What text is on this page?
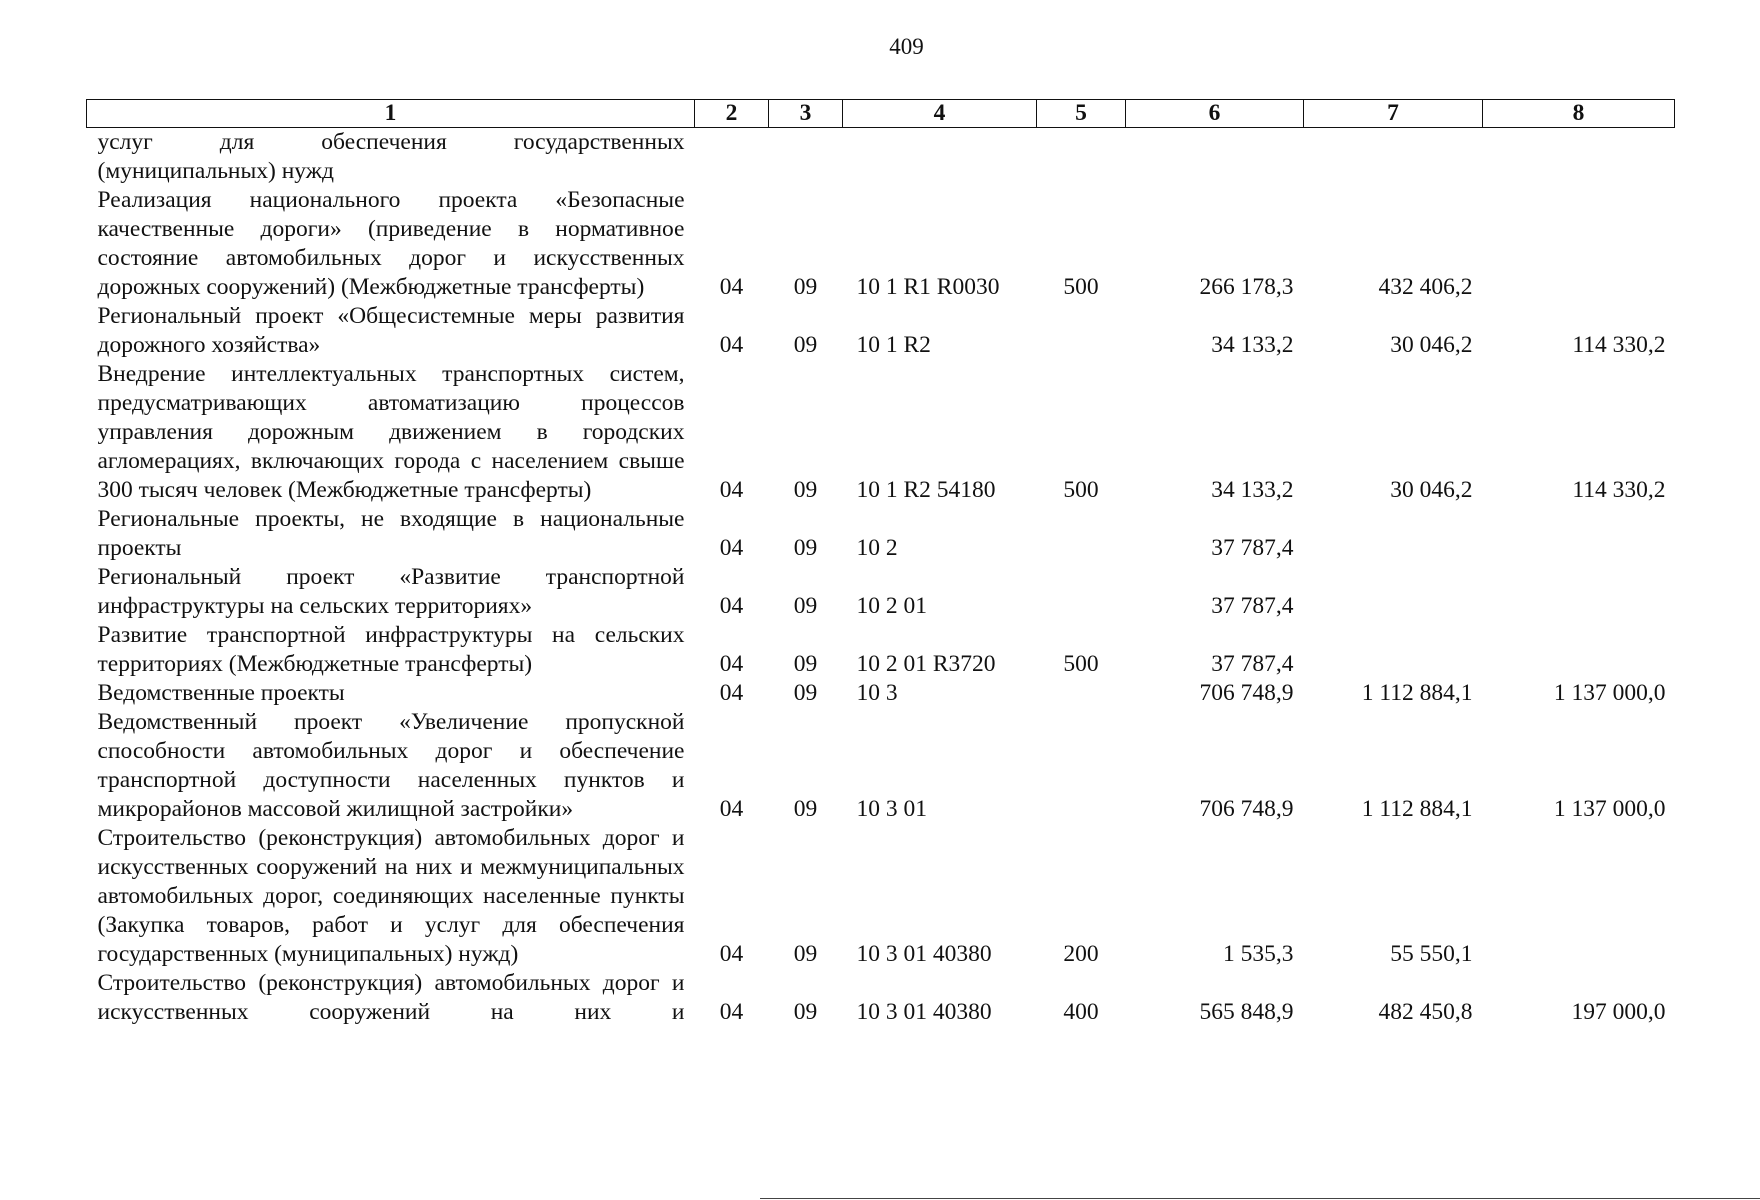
409
1	2	3	4	5	6	7	8
услуг для обеспечения государственных (муниципальных) нужд							
Реализация национального проекта «Безопасные качественные дороги» (приведение в нормативное состояние автомобильных дорог и искусственных дорожных сооружений) (Межбюджетные трансферты)	04	09	10 1 R1 R0030	500	266 178,3	432 406,2	
Региональный проект «Общесистемные меры развития дорожного хозяйства»	04	09	10 1 R2		34 133,2	30 046,2	114 330,2
Внедрение интеллектуальных транспортных систем, предусматривающих автоматизацию процессов управления дорожным движением в городских агломерациях, включающих города с населением свыше 300 тысяч человек (Межбюджетные трансферты)	04	09	10 1 R2 54180	500	34 133,2	30 046,2	114 330,2
Региональные проекты, не входящие в национальные проекты	04	09	10 2		37 787,4		
Региональный проект «Развитие транспортной инфраструктуры на сельских территориях»	04	09	10 2 01		37 787,4		
Развитие транспортной инфраструктуры на сельских территориях (Межбюджетные трансферты)	04	09	10 2 01 R3720	500	37 787,4		
Ведомственные проекты	04	09	10 3		706 748,9	1 112 884,1	1 137 000,0
Ведомственный проект «Увеличение пропускной способности автомобильных дорог и обеспечение транспортной доступности населенных пунктов и микрорайонов массовой жилищной застройки»	04	09	10 3 01		706 748,9	1 112 884,1	1 137 000,0
Строительство (реконструкция) автомобильных дорог и искусственных сооружений на них и межмуниципальных автомобильных дорог, соединяющих населенные пункты (Закупка товаров, работ и услуг для обеспечения государственных (муниципальных) нужд)	04	09	10 3 01 40380	200	1 535,3	55 550,1	
Строительство (реконструкция) автомобильных дорог и искусственных сооружений на них и	04	09	10 3 01 40380	400	565 848,9	482 450,8	197 000,0
